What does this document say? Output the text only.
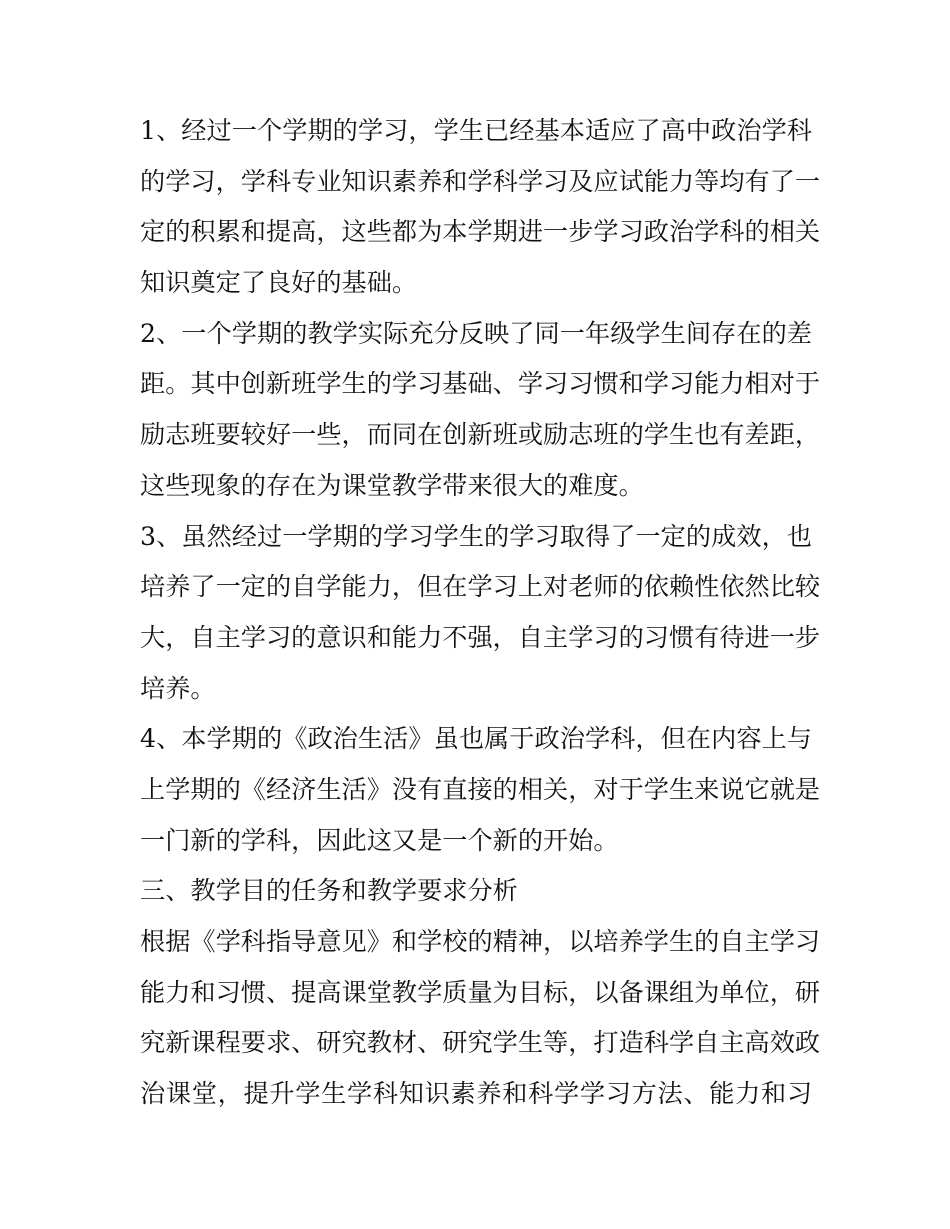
1、经过一个学期的学习，学生已经基本适应了高中政治学科
的学习，学科专业知识素养和学科学习及应试能力等均有了一
定的积累和提高，这些都为本学期进一步学习政治学科的相关
知识奠定了良好的基础。
2、一个学期的教学实际充分反映了同一年级学生间存在的差
距。其中创新班学生的学习基础、学习习惯和学习能力相对于
励志班要较好一些，而同在创新班或励志班的学生也有差距，
这些现象的存在为课堂教学带来很大的难度。
3、虽然经过一学期的学习学生的学习取得了一定的成效，也
培养了一定的自学能力，但在学习上对老师的依赖性依然比较
大，自主学习的意识和能力不强，自主学习的习惯有待进一步
培养。
4、本学期的《政治生活》虽也属于政治学科，但在内容上与
上学期的《经济生活》没有直接的相关，对于学生来说它就是
一门新的学科，因此这又是一个新的开始。
三、教学目的任务和教学要求分析
根据《学科指导意见》和学校的精神，以培养学生的自主学习
能力和习惯、提高课堂教学质量为目标，以备课组为单位，研
究新课程要求、研究教材、研究学生等，打造科学自主高效政
治课堂，提升学生学科知识素养和科学学习方法、能力和习
